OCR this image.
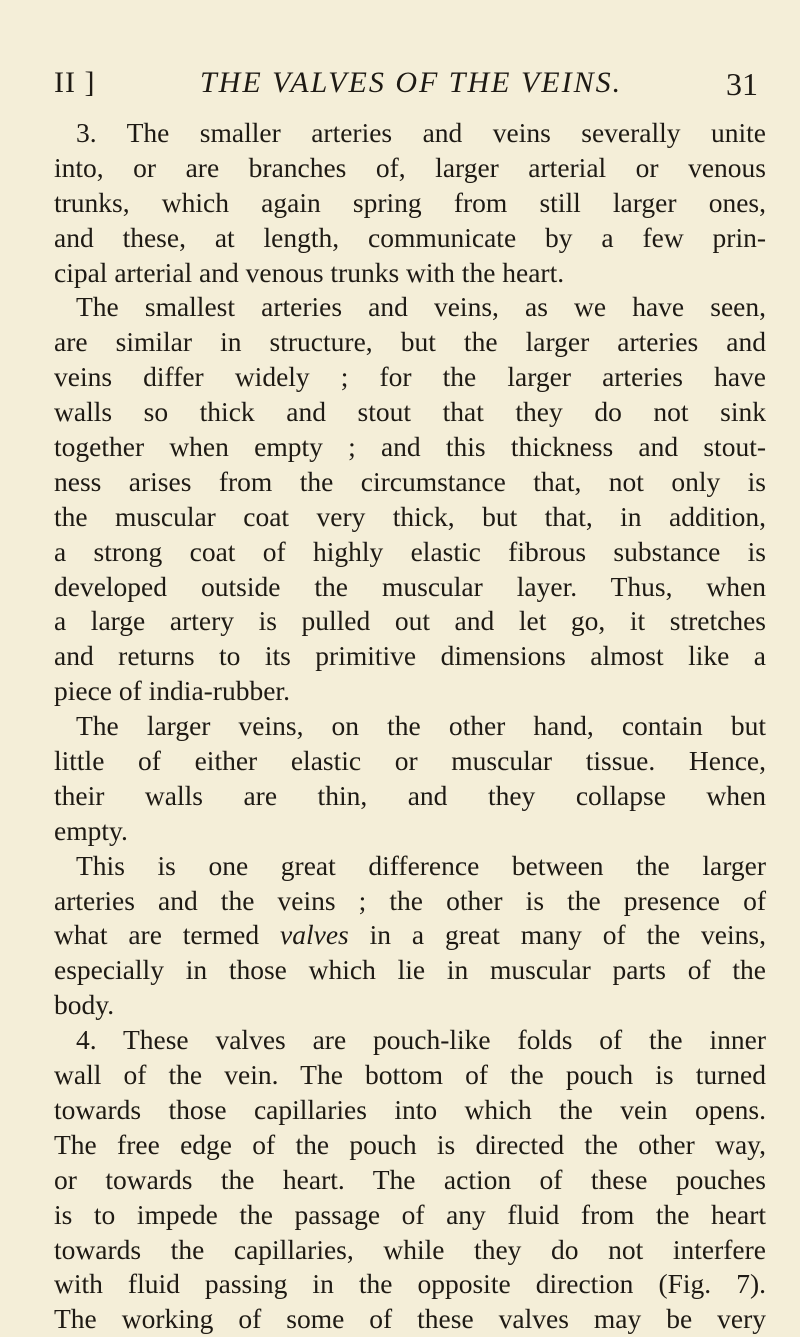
II ]	THE VALVES OF THE VEINS.	31
3. The smaller arteries and veins severally unite
into, or are branches of, larger arterial or venous
trunks, which again spring from still larger ones,
and these, at length, communicate by a few prin-
cipal arterial and venous trunks with the heart.
The smallest arteries and veins, as we have seen,
are similar in structure, but the larger arteries and
veins differ widely ; for the larger arteries have
walls so thick and stout that they do not sink
together when empty ; and this thickness and stout-
ness arises from the circumstance that, not only is
the muscular coat very thick, but that, in addition,
a strong coat of highly elastic fibrous substance is
developed outside the muscular layer. Thus, when
a large artery is pulled out and let go, it stretches
and returns to its primitive dimensions almost like a
piece of india-rubber.
The larger veins, on the other hand, contain but
little of either elastic or muscular tissue. Hence,
their walls are thin, and they collapse when
empty.
This is one great difference between the larger
arteries and the veins ; the other is the presence of
what are termed valves in a great many of the veins,
especially in those which lie in muscular parts of the
body.
4. These valves are pouch-like folds of the inner
wall of the vein. The bottom of the pouch is turned
towards those capillaries into which the vein opens.
The free edge of the pouch is directed the other way,
or towards the heart. The action of these pouches
is to impede the passage of any fluid from the heart
towards the capillaries, while they do not interfere
with fluid passing in the opposite direction (Fig. 7).
The working of some of these valves may be very
